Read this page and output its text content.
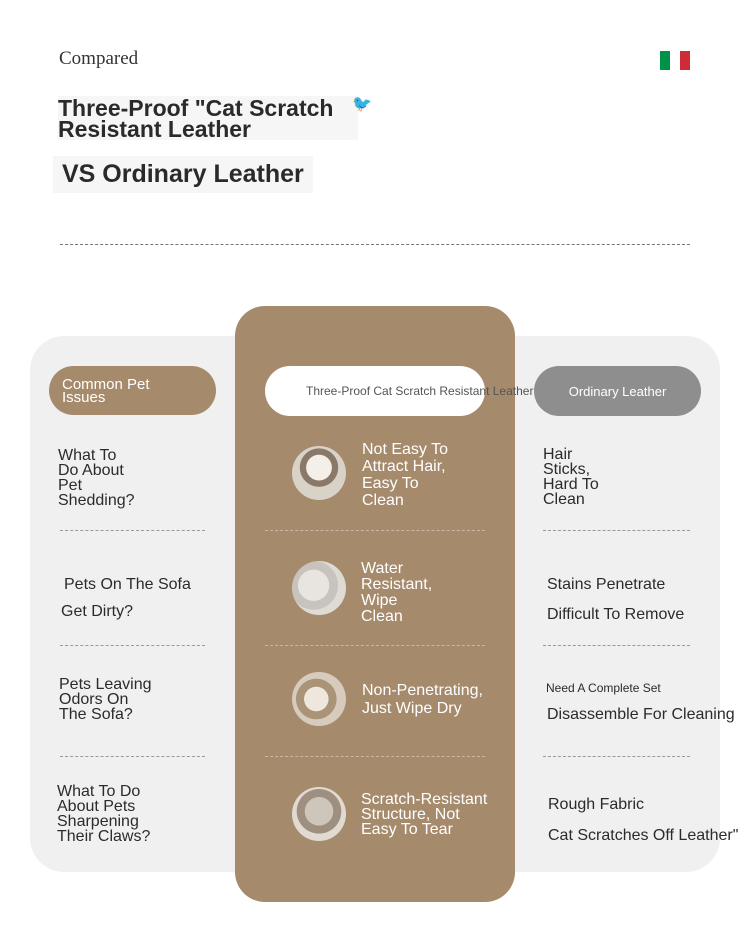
Compared
Three-Proof "Cat Scratch
Resistant Leather
🐦
VS Ordinary Leather
Common Pet
Issues	Three-Proof Cat Scratch Resistant Leather	Ordinary Leather
What To
Do About
Pet
Shedding?
Not Easy To
Attract Hair,
Easy To
Clean
Hair
Sticks,
Hard To
Clean
Pets On The Sofa
Get Dirty?
Water
Resistant,
Wipe
Clean
Stains Penetrate
Difficult To Remove
Pets Leaving
Odors On
The Sofa?
Non-Penetrating,
Just Wipe Dry
Need A Complete Set
Disassemble For Cleaning
What To Do
About Pets
Sharpening
Their Claws?
Scratch-Resistant
Structure, Not
Easy To Tear
Rough Fabric
Cat Scratches Off Leather"
